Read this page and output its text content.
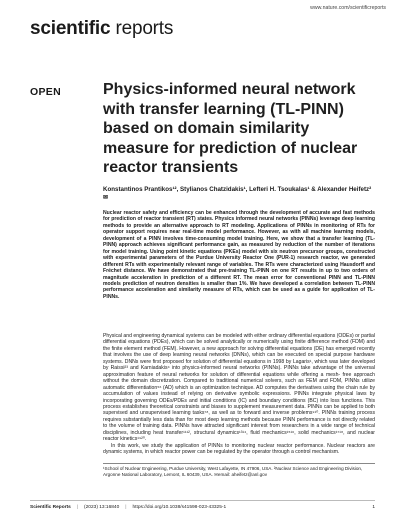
www.nature.com/scientificreports
scientific reports
OPEN	Physics-informed neural network with transfer learning (TL-PINN) based on domain similarity measure for prediction of nuclear reactor transients
Konstantinos Prantikos¹², Stylianos Chatzidakis¹, Lefteri H. Tsoukalas¹ & Alexander Heifetz²✉
Nuclear reactor safety and efficiency can be enhanced through the development of accurate and fast methods for prediction of reactor transient (RT) states. Physics informed neural networks (PINNs) leverage deep learning methods to provide an alternative approach to RT modeling. Applications of PINNs in monitoring of RTs for operator support requires near real-time model performance. However, as with all machine learning models, development of a PINN involves time-consuming model training. Here, we show that a transfer learning (TL-PINN) approach achieves significant performance gain, as measured by reduction of the number of iterations for model training. Using point kinetic equations (PKEs) model with six neutron precursor groups, constructed with experimental parameters of the Purdue University Reactor One (PUR-1) research reactor, we generated different RTs with experimentally relevant range of variables. The RTs were characterized using Hausdorff and Fréchet distance. We have demonstrated that pre-training TL-PINN on one RT results in up to two orders of magnitude acceleration in prediction of a different RT. The mean error for conventional PINN and TL-PINN models prediction of neutron densities is smaller than 1%. We have developed a correlation between TL-PINN performance acceleration and similarity measure of RTs, which can be used as a guide for application of TL-PINNs.

Physical and engineering dynamical systems can be modeled with either ordinary differential equations (ODEs) or partial differential equations (PDEs), which can be solved analytically or numerically using finite difference method (FDM) and the finite element method (FEM). However, a new approach for solving differential equations (DE) has emerged recently that involves the use of deep learning neural networks (DNNs), which can be executed on special purpose hardware systems. DNNs were first proposed for solution of differential equations in 1998 by Lagaris¹, which was later developed by Raissi²³ and Karniadakis⁴ into physics-informed neural networks (PINNs). PINNs take advantage of the universal approximation feature of neural networks for solution of differential equations while offering a mesh- free approach without the domain discretization. Compared to traditional numerical solvers, such as FEM and FDM, PINNs utilize automatic differentiation⁵⁶ (AD) which is an optimization technique. AD computes the derivatives using the chain rule by accumulation of values instead of relying on derivative symbolic expressions. PINNs integrate physical laws by incorporating governing ODEs/PDEs and initial conditions (IC) and boundary conditions (BC) into loss functions. This process establishes theoretical constraints and biases to supplement measurement data. PINNs can be applied to both supervised and unsupervised learning tasks⁷⁸, as well as to forward and inverse problems⁹¹⁰. PINNs training process requires substantially less data than for most deep learning methods because PINN performance is not directly related to the volume of training data. PINNs have attracted significant interest from researchers in a wide range of technical disciplines, including heat transfer¹¹¹², structural dynamics¹³¹⁴, fluid mechanics¹⁵¹⁶, solid mechanics¹⁷¹⁸, and nuclear reactor kinetics¹⁹²⁰.

In this work, we study the application of PINNs to monitoring nuclear reactor performance. Nuclear reactors are dynamic systems, in which reactor power can be regulated by the operator through a control mechanism.

¹School of Nuclear Engineering, Purdue University, West Lafayette, IN 47906, USA. ²Nuclear Science and Engineering Division, Argonne National Laboratory, Lemont, IL 60439, USA. ✉email: aheifetz@anl.gov
Scientific Reports | (2023) 13:16840 | https://doi.org/10.1038/s41598-023-43325-1	1
